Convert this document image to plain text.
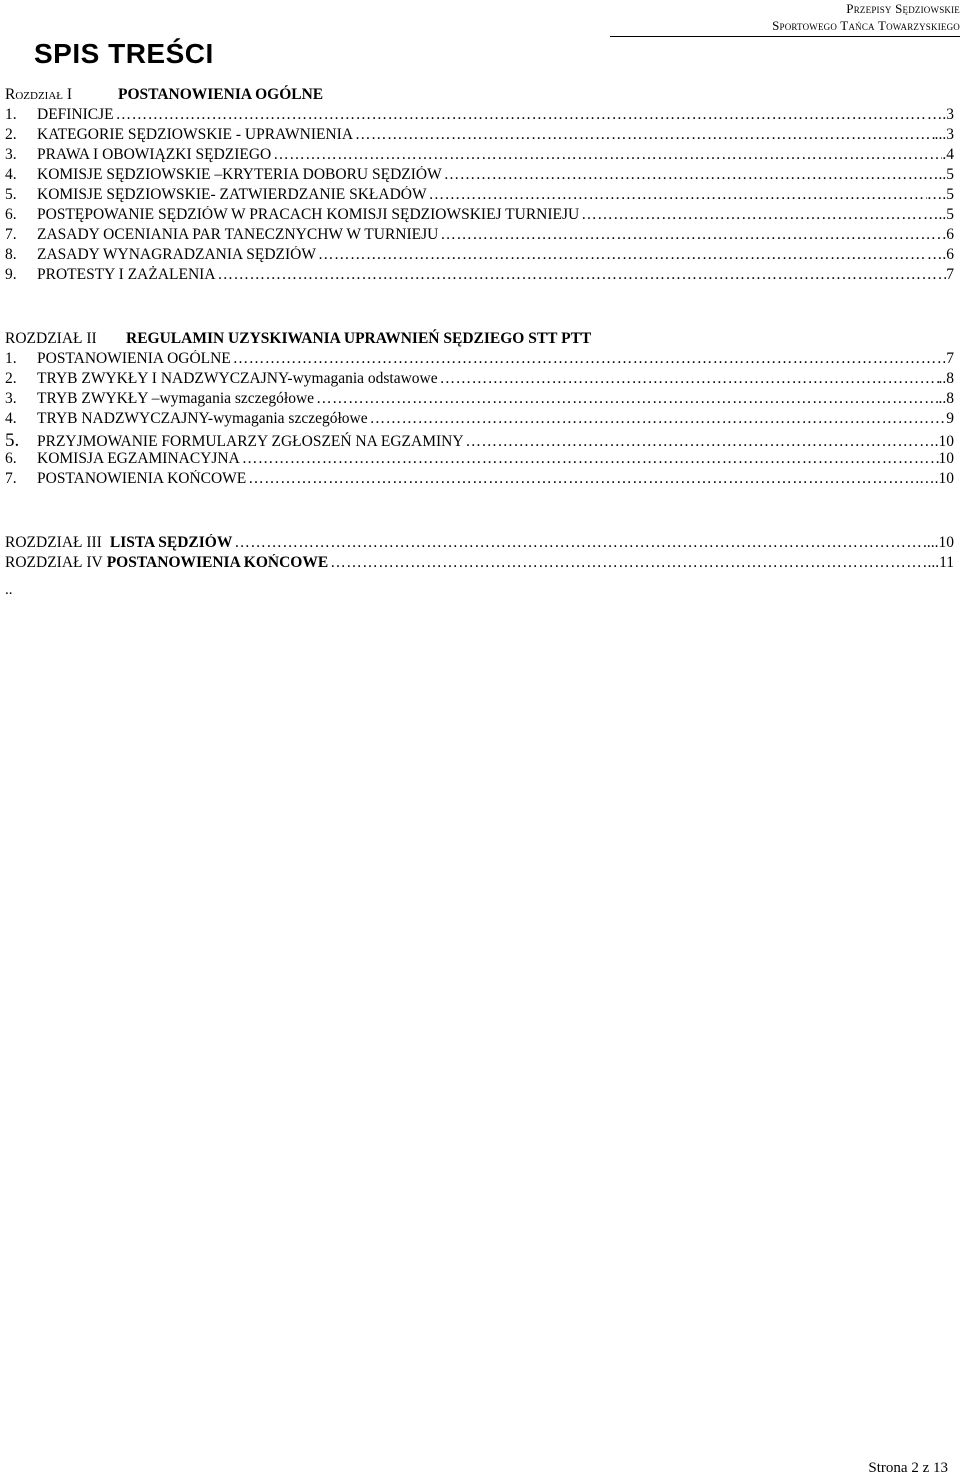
Przepisy Sędziowskie
Sportowego Tańca Towarzyskiego
SPIS TREŚCI
Rozdział I	POSTANOWIENIA OGÓLNE
1.	DEFINICJE ……………………………………………………………………………………………………………………………………………………………	….3
2.	KATEGORIE SĘDZIOWSKIE - UPRAWNIENIA ……………………………………………………………………………………………………………………………………………………………	...3
3.	PRAWA I OBOWIĄZKI SĘDZIEGO ……………………………………………………………………………………………………………………………………………………………	.4
4.	KOMISJE SĘDZIOWSKIE –KRYTERIA DOBORU SĘDZIÓW ……………………………………………………………………………………………………………………………………………………………	…..5
5.	KOMISJE SĘDZIOWSKIE- ZATWIERDZANIE SKŁADÓW ……………………………………………………………………………………………………………………………………………………………	….5
6.	POSTĘPOWANIE SĘDZIÓW W PRACACH KOMISJI SĘDZIOWSKIEJ TURNIEJU ……………………………………………………………………………………………………………………………………………………………	…..5
7.	ZASADY OCENIANIA PAR TANECZNYCHW W TURNIEJU ……………………………………………………………………………………………………………………………………………………………	.6
8.	ZASADY WYNAGRADZANIA SĘDZIÓW ……………………………………………………………………………………………………………………………………………………………	….6
9.	PROTESTY I ZAŻALENIA ……………………………………………………………………………………………………………………………………………………………	7
ROZDZIAŁ II	REGULAMIN UZYSKIWANIA UPRAWNIEŃ SĘDZIEGO STT PTT
1.	POSTANOWIENIA OGÓLNE ……………………………………………………………………………………………………………………………………………………………	.7
2.	TRYB ZWYKŁY I NADZWYCZAJNY-wymagania odstawowe ……………………………………………………………………………………………………………………………………………………………	..8
3.	TRYB ZWYKŁY –wymagania szczegółowe ……………………………………………………………………………………………………………………………………………………………	..8
4.	TRYB NADZWYCZAJNY-wymagania szczegółowe ……………………………………………………………………………………………………………………………………………………………	9
5.	PRZYJMOWANIE FORMULARZY ZGŁOSZEŃ NA EGZAMINY ……………………………………………………………………………………………………………………………………………………………	….10
6.	KOMISJA EGZAMINACYJNA ……………………………………………………………………………………………………………………………………………………………	10
7.	POSTANOWIENIA KOŃCOWE ……………………………………………………………………………………………………………………………………………………………	….10
ROZDZIAŁ III LISTA SĘDZIÓW ……………………………………………………………………………………………………………………………………………………………	....10
ROZDZIAŁ IV POSTANOWIENIA KOŃCOWE ……………………………………………………………………………………………………………………………………………………………	...11
..
Strona 2 z 13
